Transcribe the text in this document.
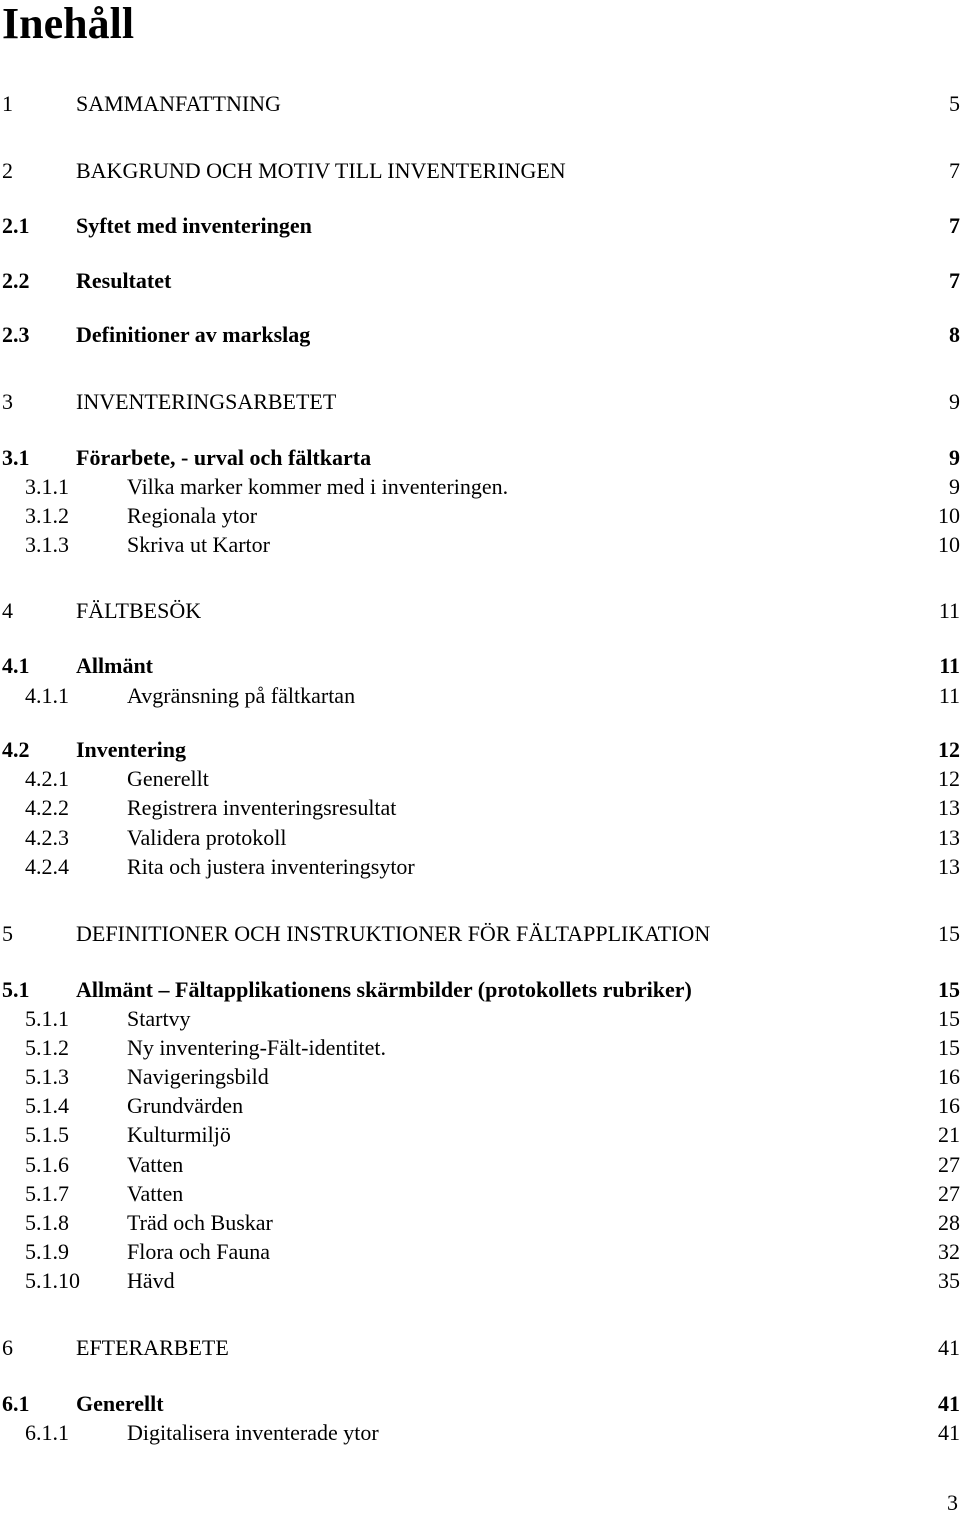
Inehåll
1	SAMMANFATTNING	5
2	BAKGRUND OCH MOTIV TILL INVENTERINGEN	7
2.1 Syftet med inventeringen	7
2.2 Resultatet	7
2.3 Definitioner av markslag	8
3	INVENTERINGSARBETET	9
3.1 Förarbete, - urval och fältkarta	9
3.1.1	Vilka marker kommer med i inventeringen.	9
3.1.2	Regionala ytor	10
3.1.3	Skriva ut Kartor	10
4	FÄLTBESÖK	11
4.1 Allmänt	11
4.1.1	Avgränsning på fältkartan	11
4.2 Inventering	12
4.2.1	Generellt	12
4.2.2	Registrera inventeringsresultat	13
4.2.3	Validera protokoll	13
4.2.4	Rita och justera inventeringsytor	13
5	DEFINITIONER OCH INSTRUKTIONER FÖR FÄLTAPPLIKATION	15
5.1 Allmänt – Fältapplikationens skärmbilder (protokollets rubriker)	15
5.1.1	Startvy	15
5.1.2	Ny inventering-Fält-identitet.	15
5.1.3	Navigeringsbild	16
5.1.4	Grundvärden	16
5.1.5	Kulturmiljö	21
5.1.6	Vatten	27
5.1.7	Vatten	27
5.1.8	Träd och Buskar	28
5.1.9	Flora och Fauna	32
5.1.10 Hävd	35
6	EFTERARBETE	41
6.1 Generellt	41
6.1.1	Digitalisera inventerade ytor	41
3
